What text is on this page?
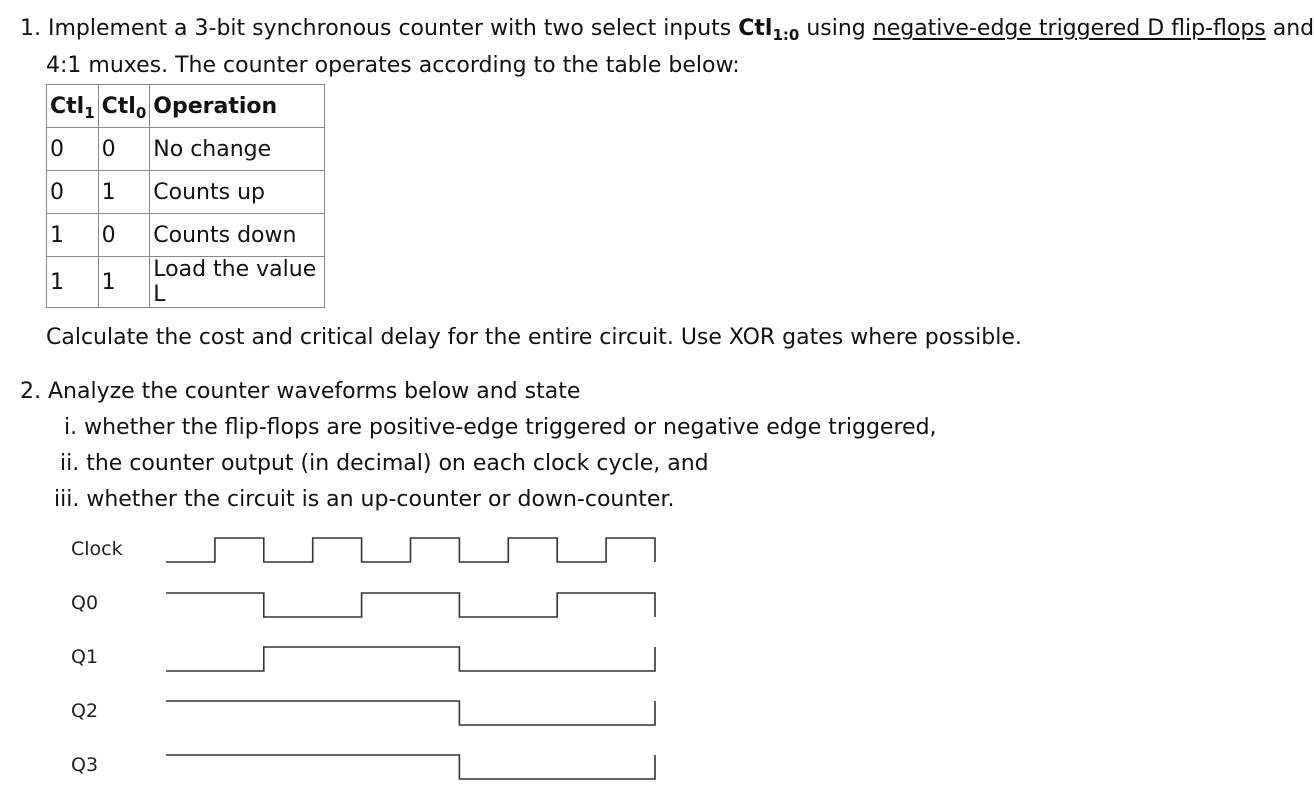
1. Implement a 3-bit synchronous counter with two select inputs Ctl$_{1:0}$ using negative-edge triggered D flip-flops and
4:1 muxes. The counter operates according to the table below:
Ctl$_1$	Ctl$_0$	Operation
0	0	No change
0	1	Counts up
1	0	Counts down
1	1	Load the value L
Calculate the cost and critical delay for the entire circuit. Use XOR gates where possible.
2. Analyze the counter waveforms below and state
i. whether the flip-flops are positive-edge triggered or negative edge triggered,
ii. the counter output (in decimal) on each clock cycle, and
iii. whether the circuit is an up-counter or down-counter.
Clock
Q0
Q1
Q2
Q3
